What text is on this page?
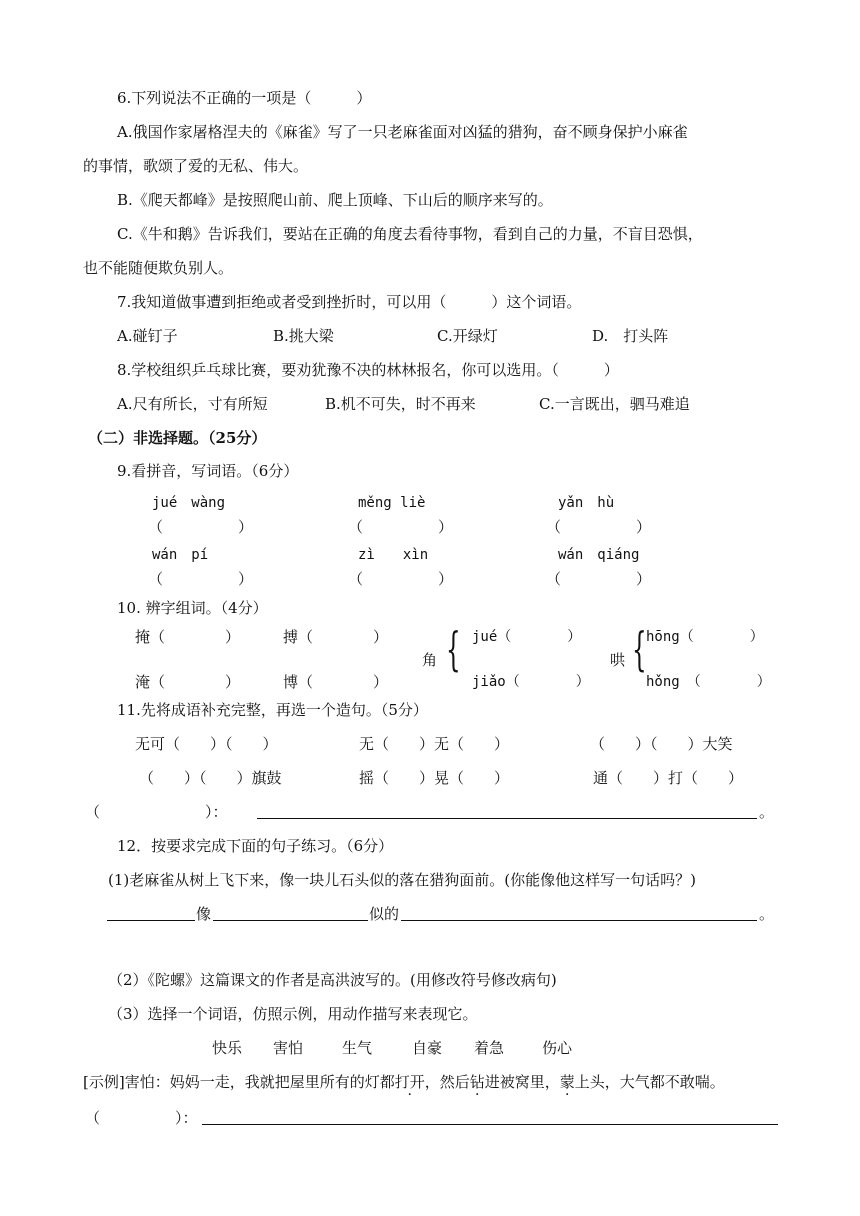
6.下列说法不正确的一项是（　　　）
A.俄国作家屠格涅夫的《麻雀》写了一只老麻雀面对凶猛的猎狗，奋不顾身保护小麻雀
的事情，歌颂了爱的无私、伟大。
B.《爬天都峰》是按照爬山前、爬上顶峰、下山后的顺序来写的。
C.《牛和鹅》告诉我们，要站在正确的角度去看待事物，看到自己的力量，不盲目恐惧，
也不能随便欺负别人。
7.我知道做事遭到拒绝或者受到挫折时，可以用（　　　）这个词语。
A.碰钉子	B.挑大梁	C.开绿灯	D.　打头阵
8.学校组织乒乓球比赛，要劝犹豫不决的林林报名，你可以选用。（　　　）
A.尺有所长，寸有所短	B.机不可失，时不再来	C.一言既出，驷马难追
（二）非选择题。（25分）
9.看拼音，写词语。（6分）
jué　wàng	měng liè	yǎn　hù
（　　　　　）	（　　　　　）	（　　　　　）
wán　pí	zì　　xìn	wán　qiáng
（　　　　　）	（　　　　　）	（　　　　　）
10. 辨字组词。（4分）
掩（　　　　）	搏（　　　　）
淹（　　　　）	博（　　　　）
角 { jué（　　　　）
jiǎo（　　　　）
哄 { hōng（　　　　）
hǒng　（　　　　）
11.先将成语补充完整，再选一个造句。（5分）
无可（　　）（　　）	无（　　）无（　　）	（　　）（　　）大笑
（　　）（　　）旗鼓	摇（　　）晃（　　）	通（　　）打（　　）
（　　　　　　　）：	。
12．按要求完成下面的句子练习。（6分）
(1)老麻雀从树上飞下来，像一块儿石头似的落在猎狗面前。(你能像他这样写一句话吗？)
像	似的	。
（2）《陀螺》这篇课文的作者是高洪波写的。(用修改符号修改病句)
（3）选择一个词语，仿照示例，用动作描写来表现它。
快乐 害怕	生气	自豪 着急	伤心
[示例]害怕：妈妈一走，我就把屋里所有的灯都打开，然后钻进被窝里，蒙上头，大气都不敢喘。
（　　　　　）：
